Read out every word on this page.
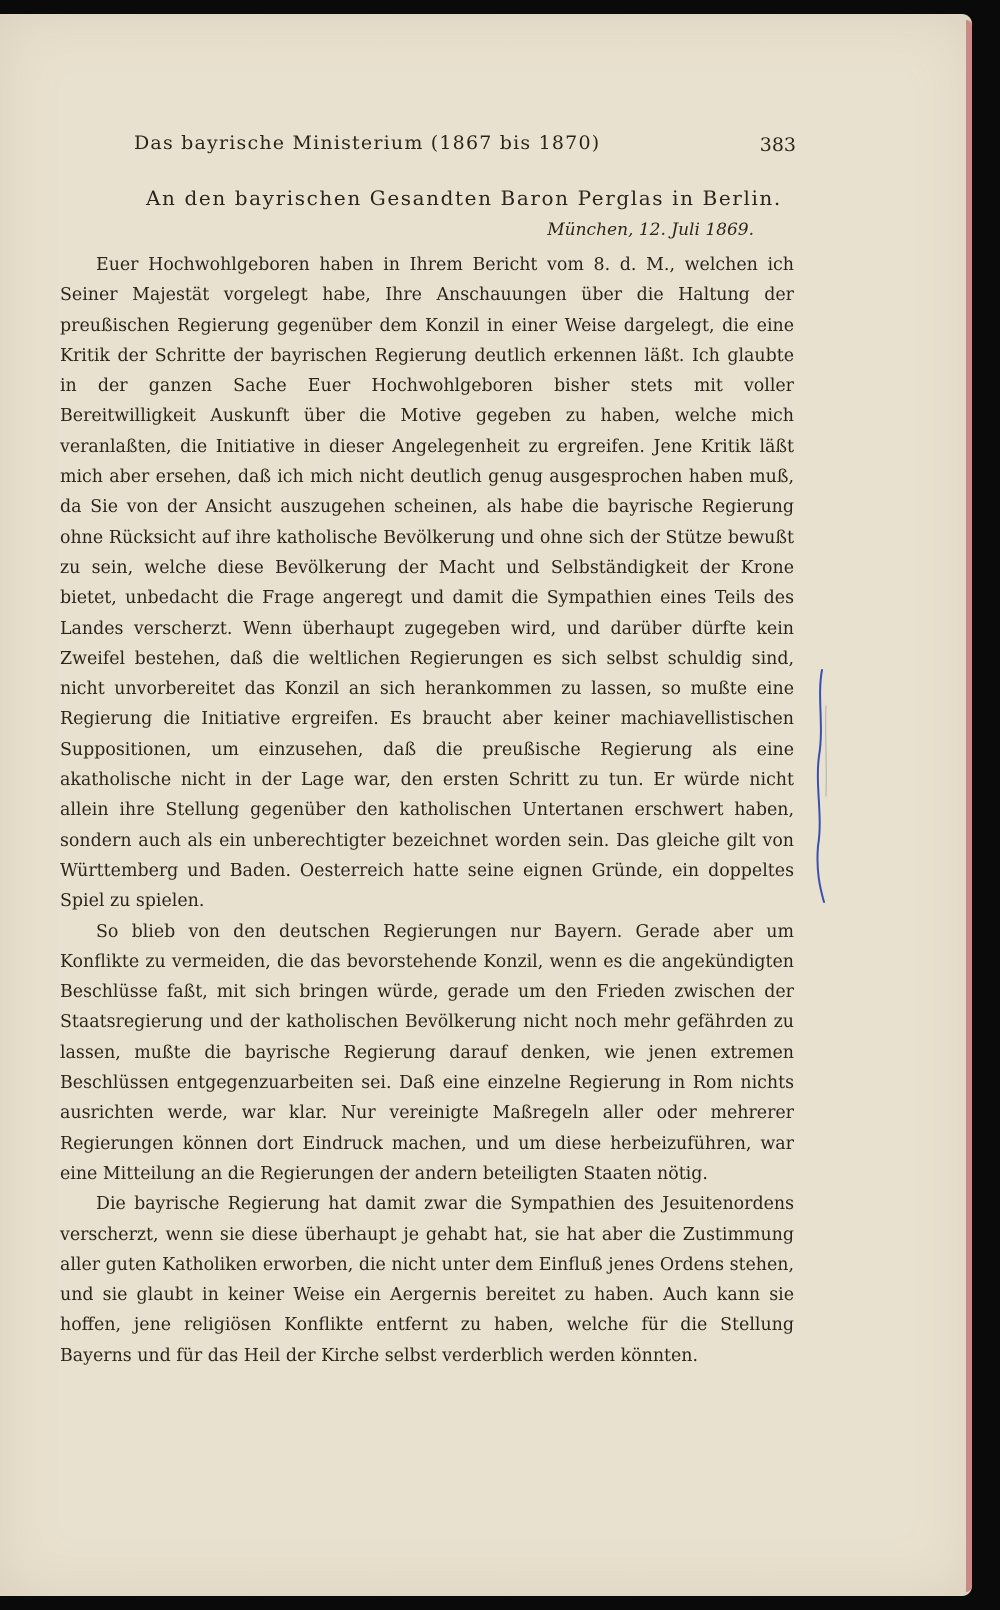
Das bayrische Ministerium (1867 bis 1870)	383
An den bayrischen Gesandten Baron Perglas in Berlin.
München, 12. Juli 1869.

Euer Hochwohlgeboren haben in Ihrem Bericht vom 8. d. M., welchen ich Seiner Majestät vorgelegt habe, Ihre Anschauungen über die Haltung der preußischen Regierung gegenüber dem Konzil in einer Weise dargelegt, die eine Kritik der Schritte der bayrischen Regierung deutlich erkennen läßt. Ich glaubte in der ganzen Sache Euer Hochwohlgeboren bisher stets mit voller Bereitwilligkeit Auskunft über die Motive gegeben zu haben, welche mich veranlaßten, die Initiative in dieser Angelegenheit zu ergreifen. Jene Kritik läßt mich aber ersehen, daß ich mich nicht deutlich genug ausgesprochen haben muß, da Sie von der Ansicht auszugehen scheinen, als habe die bayrische Regierung ohne Rücksicht auf ihre katholische Bevölkerung und ohne sich der Stütze bewußt zu sein, welche diese Bevölkerung der Macht und Selbständigkeit der Krone bietet, unbedacht die Frage angeregt und damit die Sympathien eines Teils des Landes verscherzt. Wenn überhaupt zugegeben wird, und darüber dürfte kein Zweifel bestehen, daß die weltlichen Regierungen es sich selbst schuldig sind, nicht unvorbereitet das Konzil an sich herankommen zu lassen, so mußte eine Regierung die Initiative ergreifen. Es braucht aber keiner machiavellistischen Suppositionen, um einzusehen, daß die preußische Regierung als eine akatholische nicht in der Lage war, den ersten Schritt zu tun. Er würde nicht allein ihre Stellung gegenüber den katholischen Untertanen erschwert haben, sondern auch als ein unberechtigter bezeichnet worden sein. Das gleiche gilt von Württemberg und Baden. Oesterreich hatte seine eignen Gründe, ein doppeltes Spiel zu spielen.

So blieb von den deutschen Regierungen nur Bayern. Gerade aber um Konflikte zu vermeiden, die das bevorstehende Konzil, wenn es die angekündigten Beschlüsse faßt, mit sich bringen würde, gerade um den Frieden zwischen der Staatsregierung und der katholischen Bevölkerung nicht noch mehr gefährden zu lassen, mußte die bayrische Regierung darauf denken, wie jenen extremen Beschlüssen entgegenzuarbeiten sei. Daß eine einzelne Regierung in Rom nichts ausrichten werde, war klar. Nur vereinigte Maßregeln aller oder mehrerer Regierungen können dort Eindruck machen, und um diese herbeizuführen, war eine Mitteilung an die Regierungen der andern beteiligten Staaten nötig.

Die bayrische Regierung hat damit zwar die Sympathien des Jesuitenordens verscherzt, wenn sie diese überhaupt je gehabt hat, sie hat aber die Zustimmung aller guten Katholiken erworben, die nicht unter dem Einfluß jenes Ordens stehen, und sie glaubt in keiner Weise ein Aergernis bereitet zu haben. Auch kann sie hoffen, jene religiösen Konflikte entfernt zu haben, welche für die Stellung Bayerns und für das Heil der Kirche selbst verderblich werden könnten.
